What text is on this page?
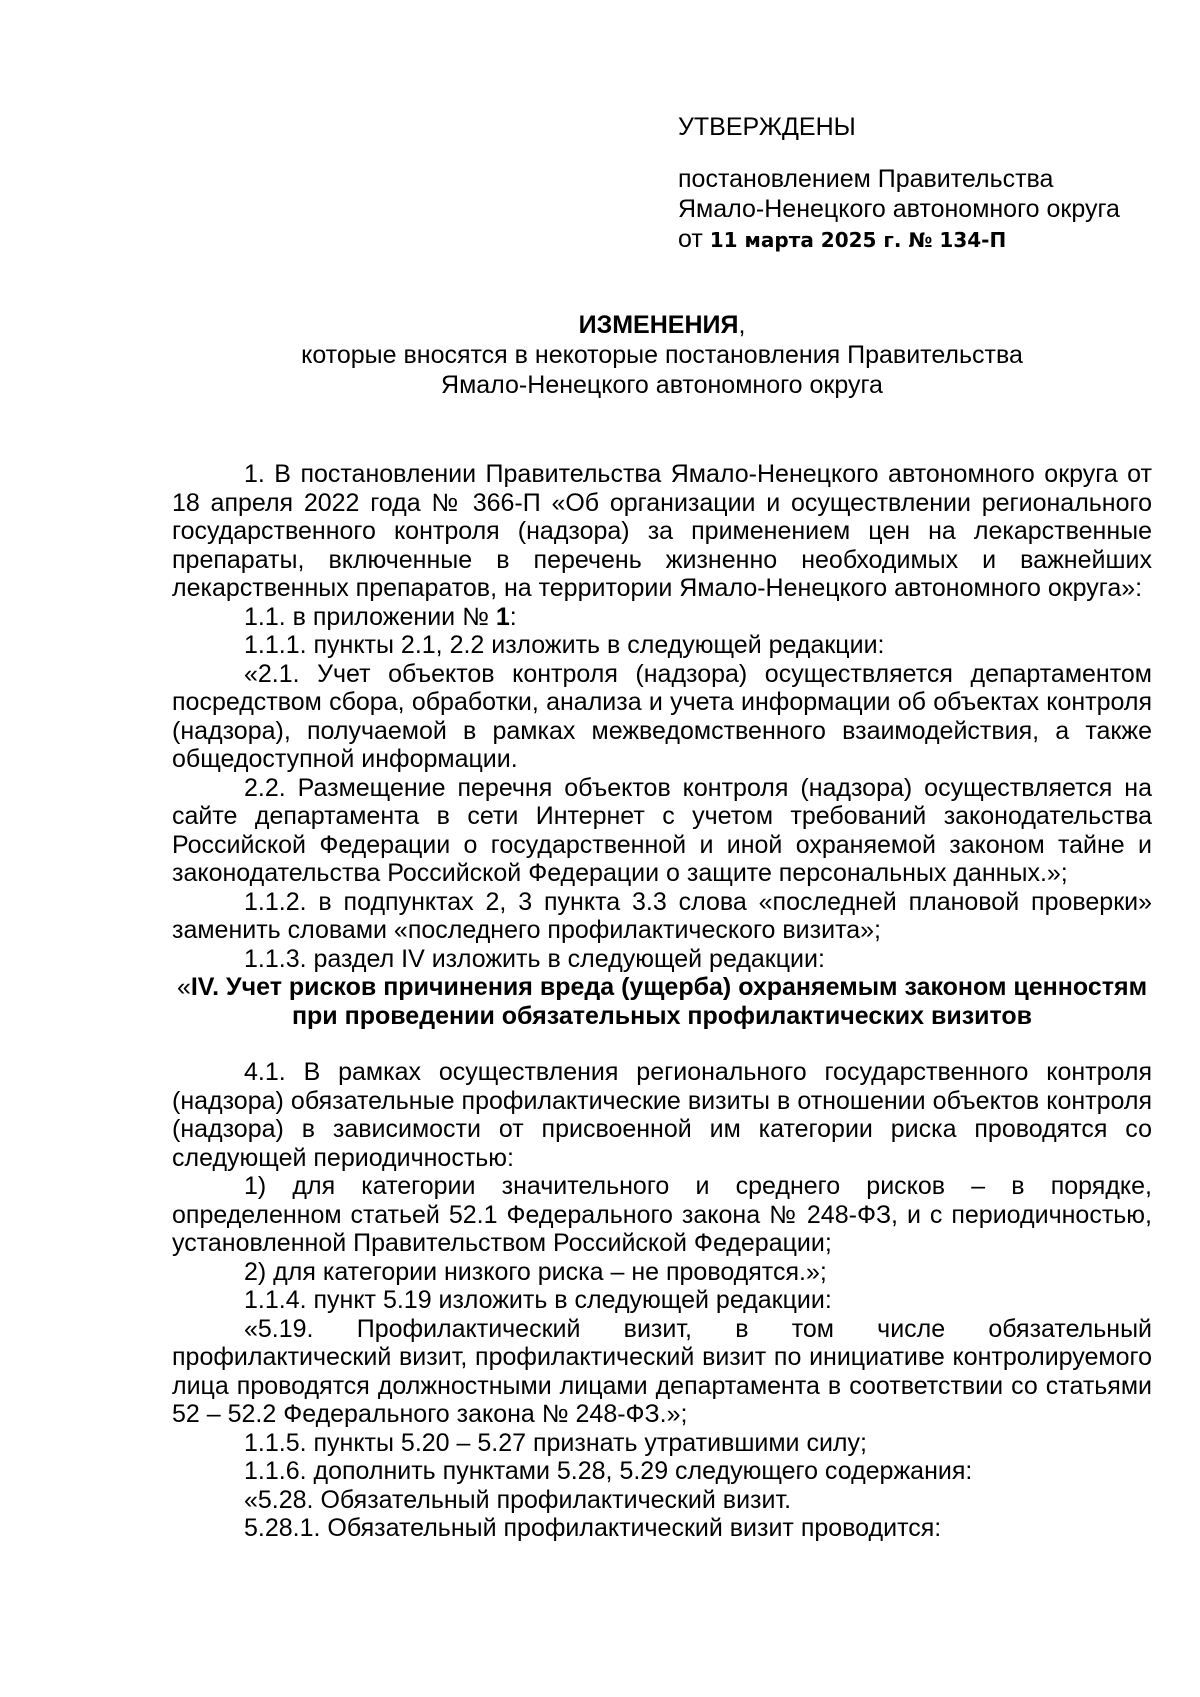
УТВЕРЖДЕНЫ
постановлением Правительства
Ямало-Ненецкого автономного округа
от 11 марта 2025 г. № 134-П
ИЗМЕНЕНИЯ,
которые вносятся в некоторые постановления Правительства
Ямало-Ненецкого автономного округа

1. В постановлении Правительства Ямало-Ненецкого автономного округа от 18 апреля 2022 года № 366-П «Об организации и осуществлении регионального государственного контроля (надзора) за применением цен на лекарственные препараты, включенные в перечень жизненно необходимых и важнейших лекарственных препаратов, на территории Ямало-Ненецкого автономного округа»:

1.1. в приложении № 1:

1.1.1. пункты 2.1, 2.2 изложить в следующей редакции:

«2.1. Учет объектов контроля (надзора) осуществляется департаментом посредством сбора, обработки, анализа и учета информации об объектах контроля (надзора), получаемой в рамках межведомственного взаимодействия, а также общедоступной информации.

2.2. Размещение перечня объектов контроля (надзора) осуществляется на сайте департамента в сети Интернет с учетом требований законодательства Российской Федерации о государственной и иной охраняемой законом тайне и законодательства Российской Федерации о защите персональных данных.»;

1.1.2. в подпунктах 2, 3 пункта 3.3 слова «последней плановой проверки» заменить словами «последнего профилактического визита»;

1.1.3. раздел IV изложить в следующей редакции:

«IV. Учет рисков причинения вреда (ущерба) охраняемым законом ценностям при проведении обязательных профилактических визитов

4.1. В рамках осуществления регионального государственного контроля (надзора) обязательные профилактические визиты в отношении объектов контроля (надзора) в зависимости от присвоенной им категории риска проводятся со следующей периодичностью:

1) для категории значительного и среднего рисков – в порядке, определенном статьей 52.1 Федерального закона № 248-ФЗ, и с периодичностью, установленной Правительством Российской Федерации;

2) для категории низкого риска – не проводятся.»;

1.1.4. пункт 5.19 изложить в следующей редакции:

«5.19. Профилактический визит, в том числе обязательный профилактический визит, профилактический визит по инициативе контролируемого лица проводятся должностными лицами департамента в соответствии со статьями 52 – 52.2 Федерального закона № 248-ФЗ.»;

1.1.5. пункты 5.20 – 5.27 признать утратившими силу;

1.1.6. дополнить пунктами 5.28, 5.29 следующего содержания:

«5.28. Обязательный профилактический визит.

5.28.1. Обязательный профилактический визит проводится:
